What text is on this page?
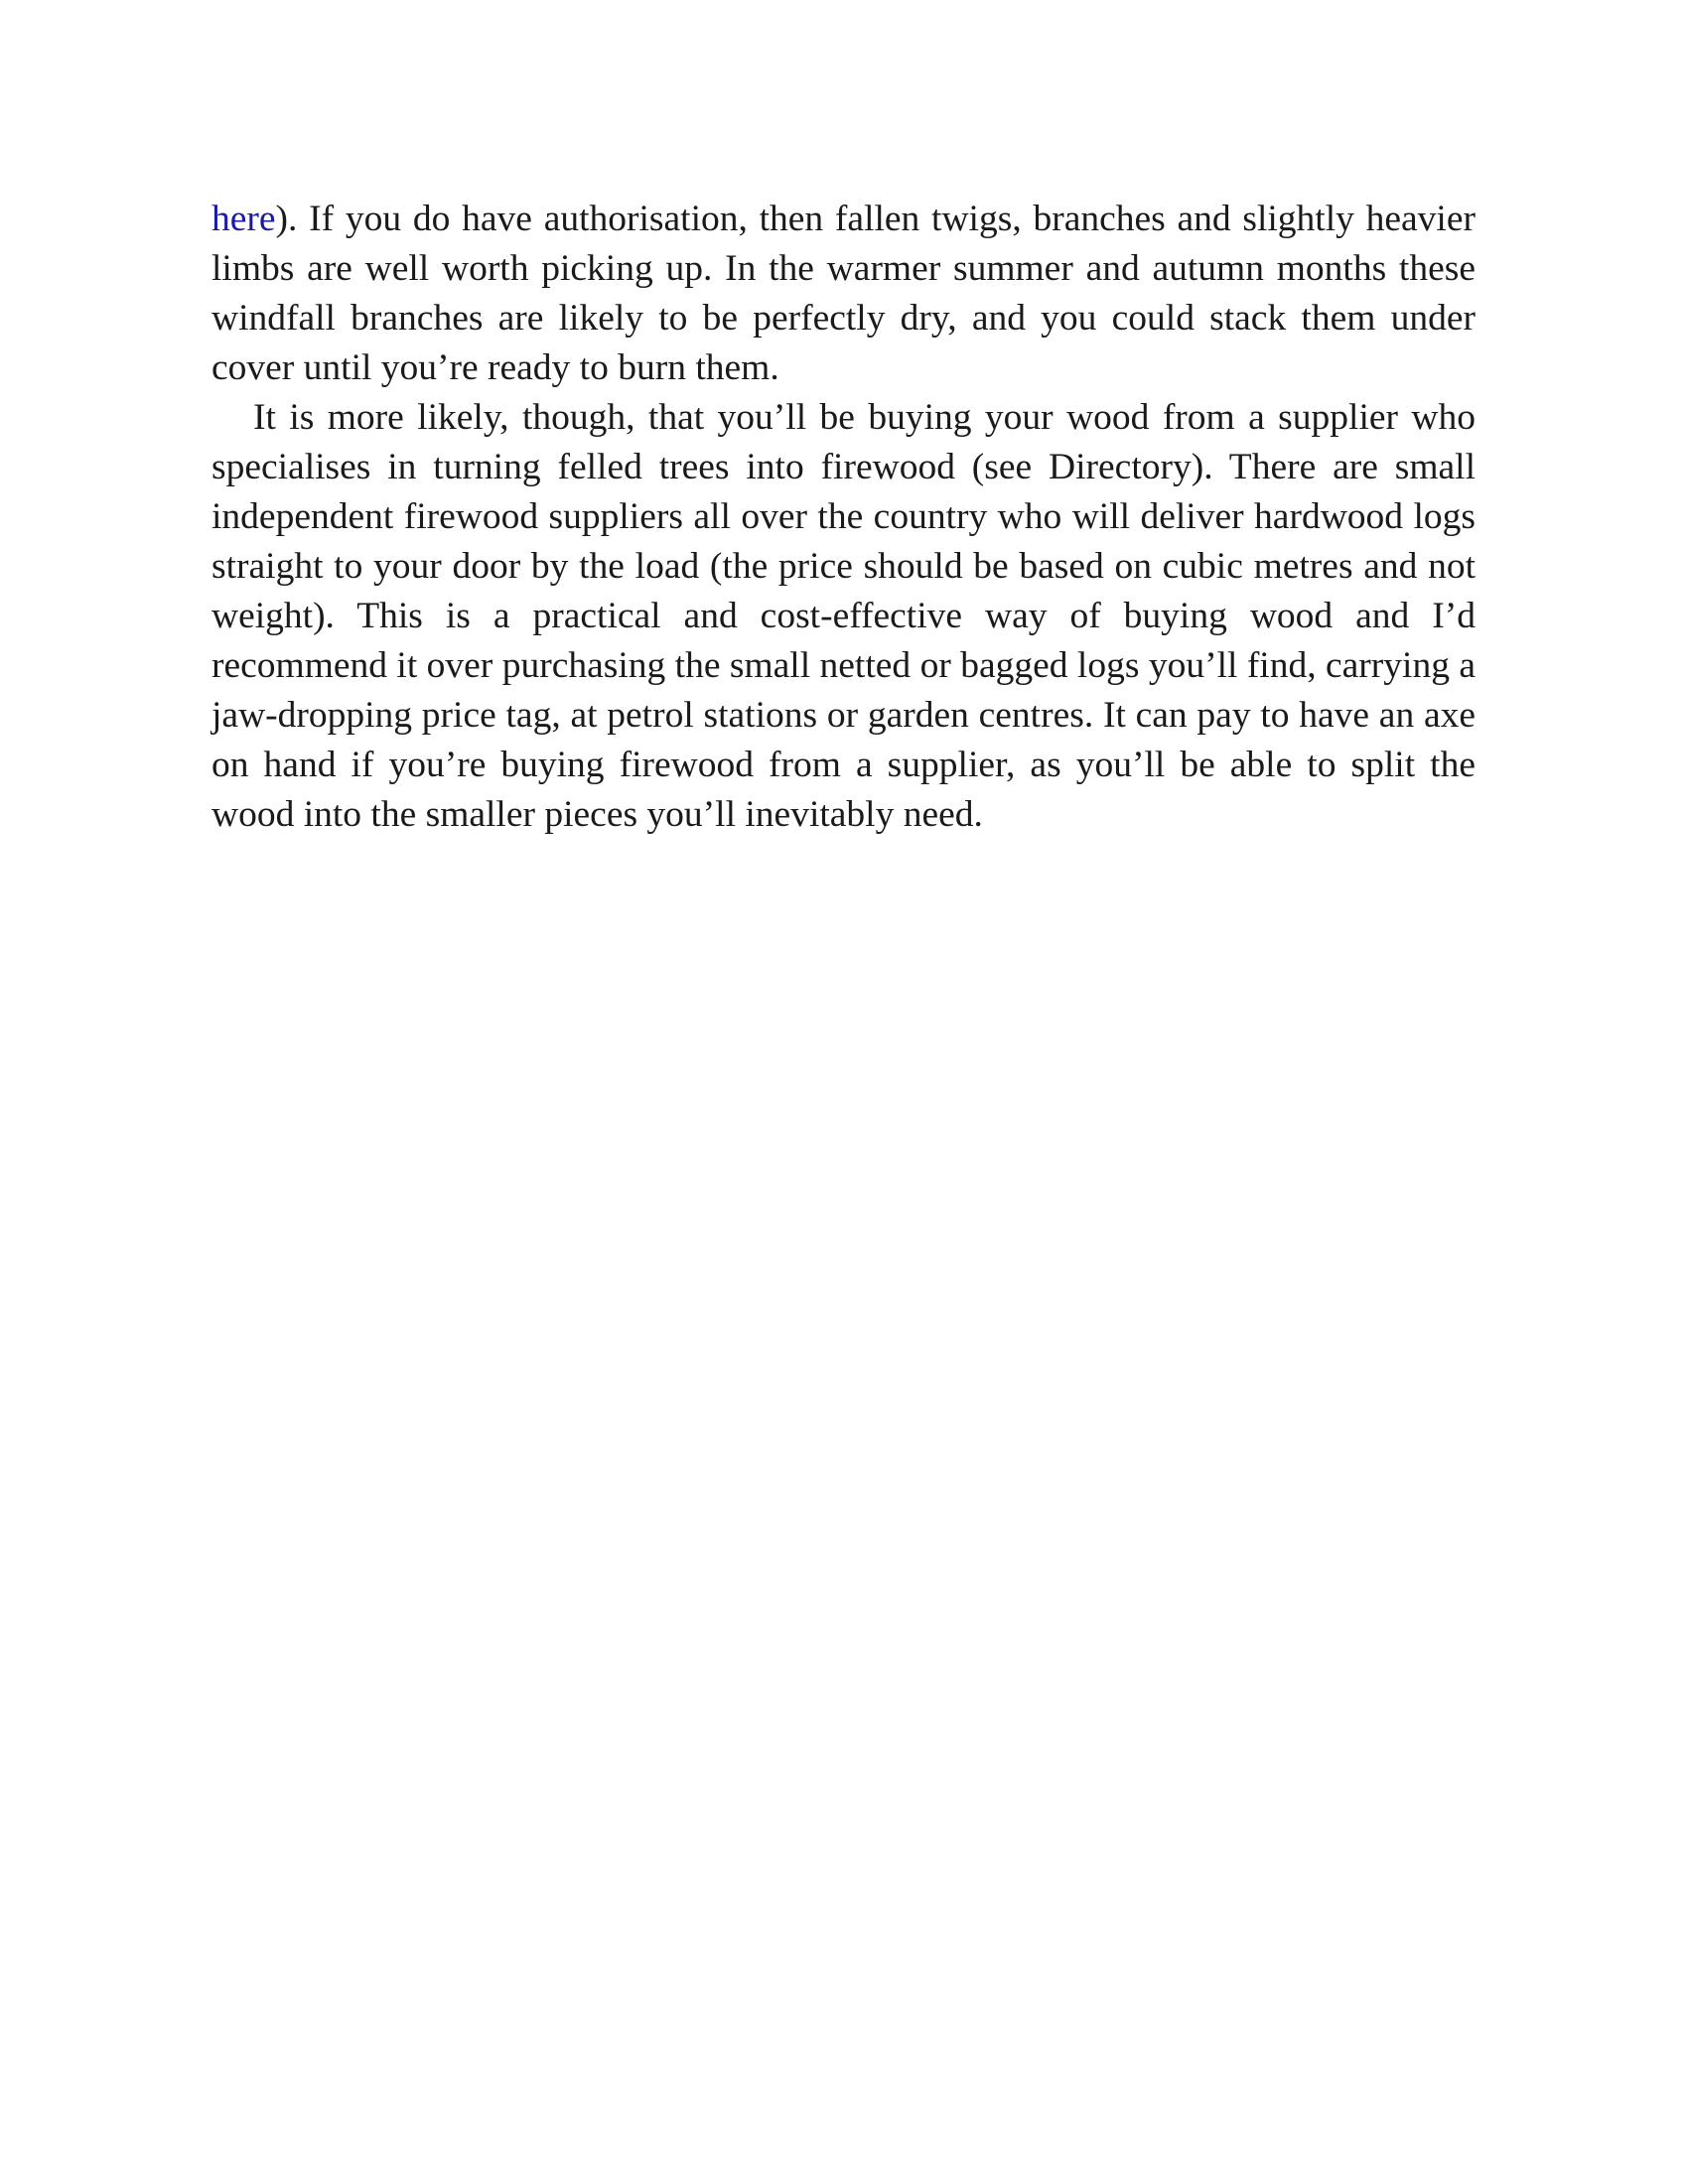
here). If you do have authorisation, then fallen twigs, branches and slightly heavier limbs are well worth picking up. In the warmer summer and autumn months these windfall branches are likely to be perfectly dry, and you could stack them under cover until you’re ready to burn them.

It is more likely, though, that you’ll be buying your wood from a supplier who specialises in turning felled trees into firewood (see Directory). There are small independent firewood suppliers all over the country who will deliver hardwood logs straight to your door by the load (the price should be based on cubic metres and not weight). This is a practical and cost-effective way of buying wood and I’d recommend it over purchasing the small netted or bagged logs you’ll find, carrying a jaw-dropping price tag, at petrol stations or garden centres. It can pay to have an axe on hand if you’re buying firewood from a supplier, as you’ll be able to split the wood into the smaller pieces you’ll inevitably need.
